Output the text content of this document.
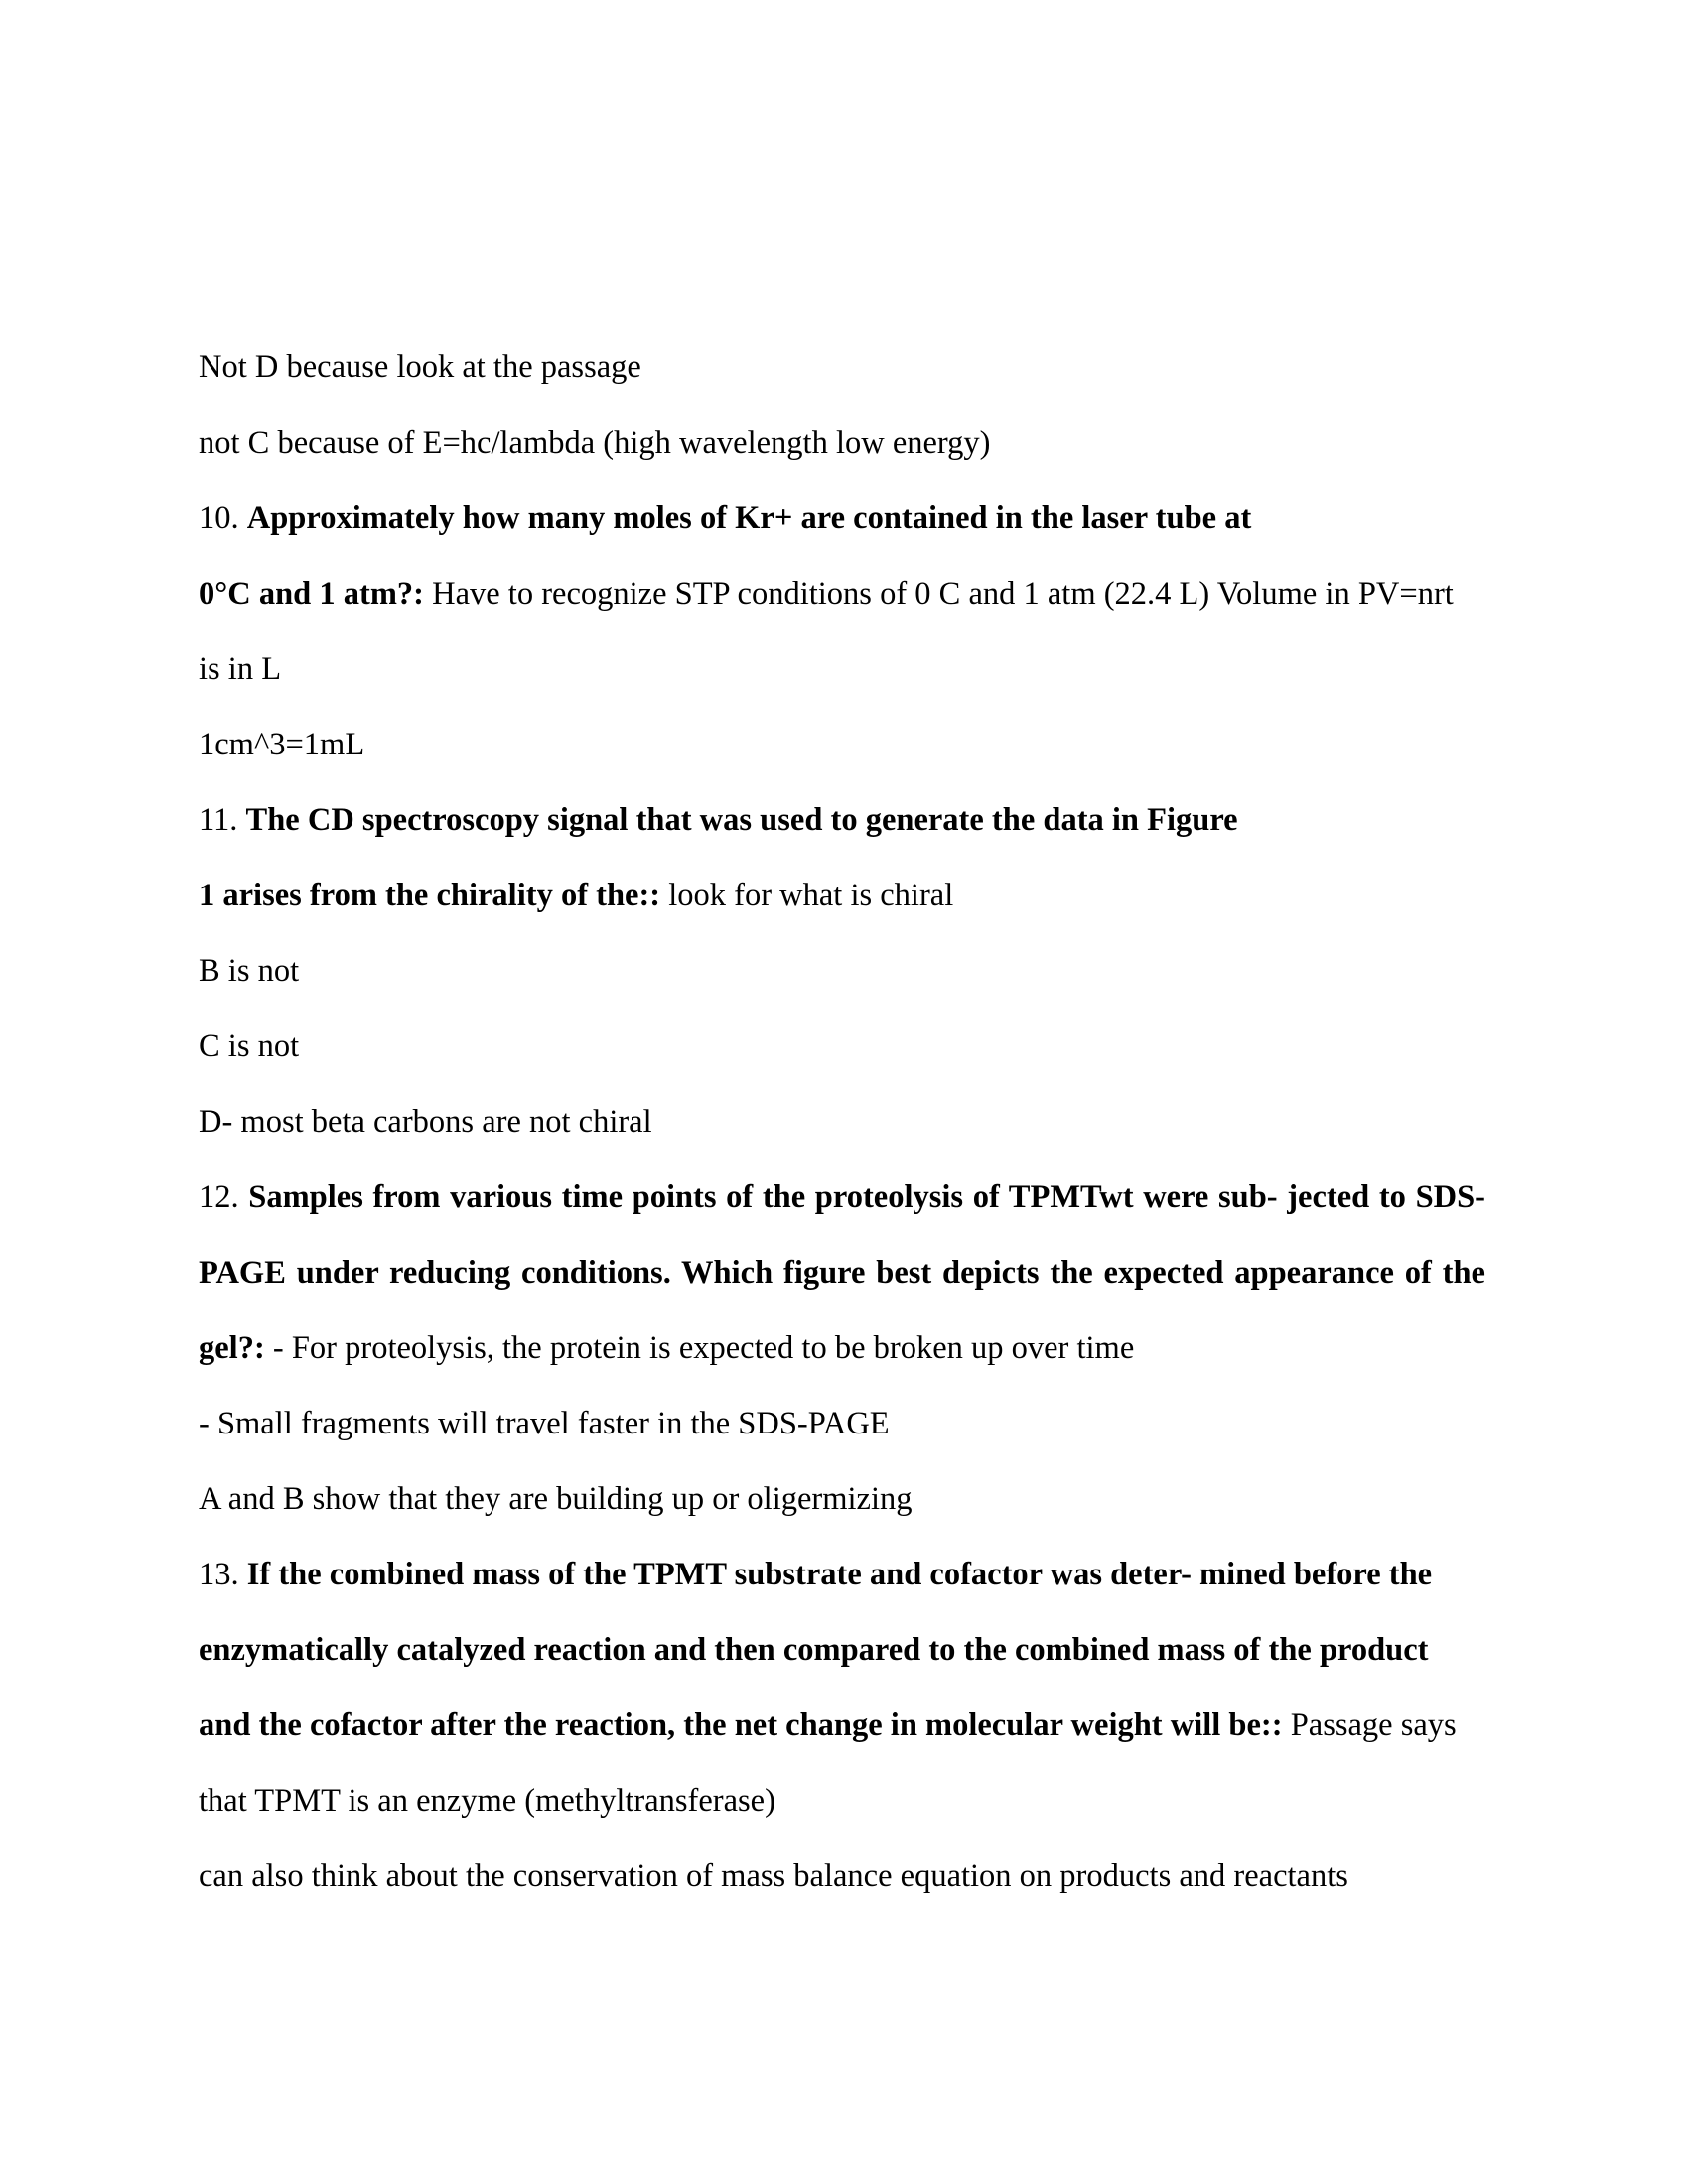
Not D because look at the passage
not C because of E=hc/lambda (high wavelength low energy)
10. Approximately how many moles of Kr+ are contained in the laser tube at
0°C and 1 atm?: Have to recognize STP conditions of 0 C and 1 atm (22.4 L) Volume in PV=nrt
is in L
1cm^3=1mL
11. The CD spectroscopy signal that was used to generate the data in Figure
1 arises from the chirality of the:: look for what is chiral
B is not
C is not
D- most beta carbons are not chiral
12. Samples from various time points of the proteolysis of TPMTwt were sub- jected to SDS-
PAGE under reducing conditions. Which figure best depicts the expected appearance of the
gel?: - For proteolysis, the protein is expected to be broken up over time
- Small fragments will travel faster in the SDS-PAGE
A and B show that they are building up or oligermizing
13. If the combined mass of the TPMT substrate and cofactor was deter- mined before the
enzymatically catalyzed reaction and then compared to the combined mass of the product
and the cofactor after the reaction, the net change in molecular weight will be:: Passage says
that TPMT is an enzyme (methyltransferase)
can also think about the conservation of mass balance equation on products and reactants
